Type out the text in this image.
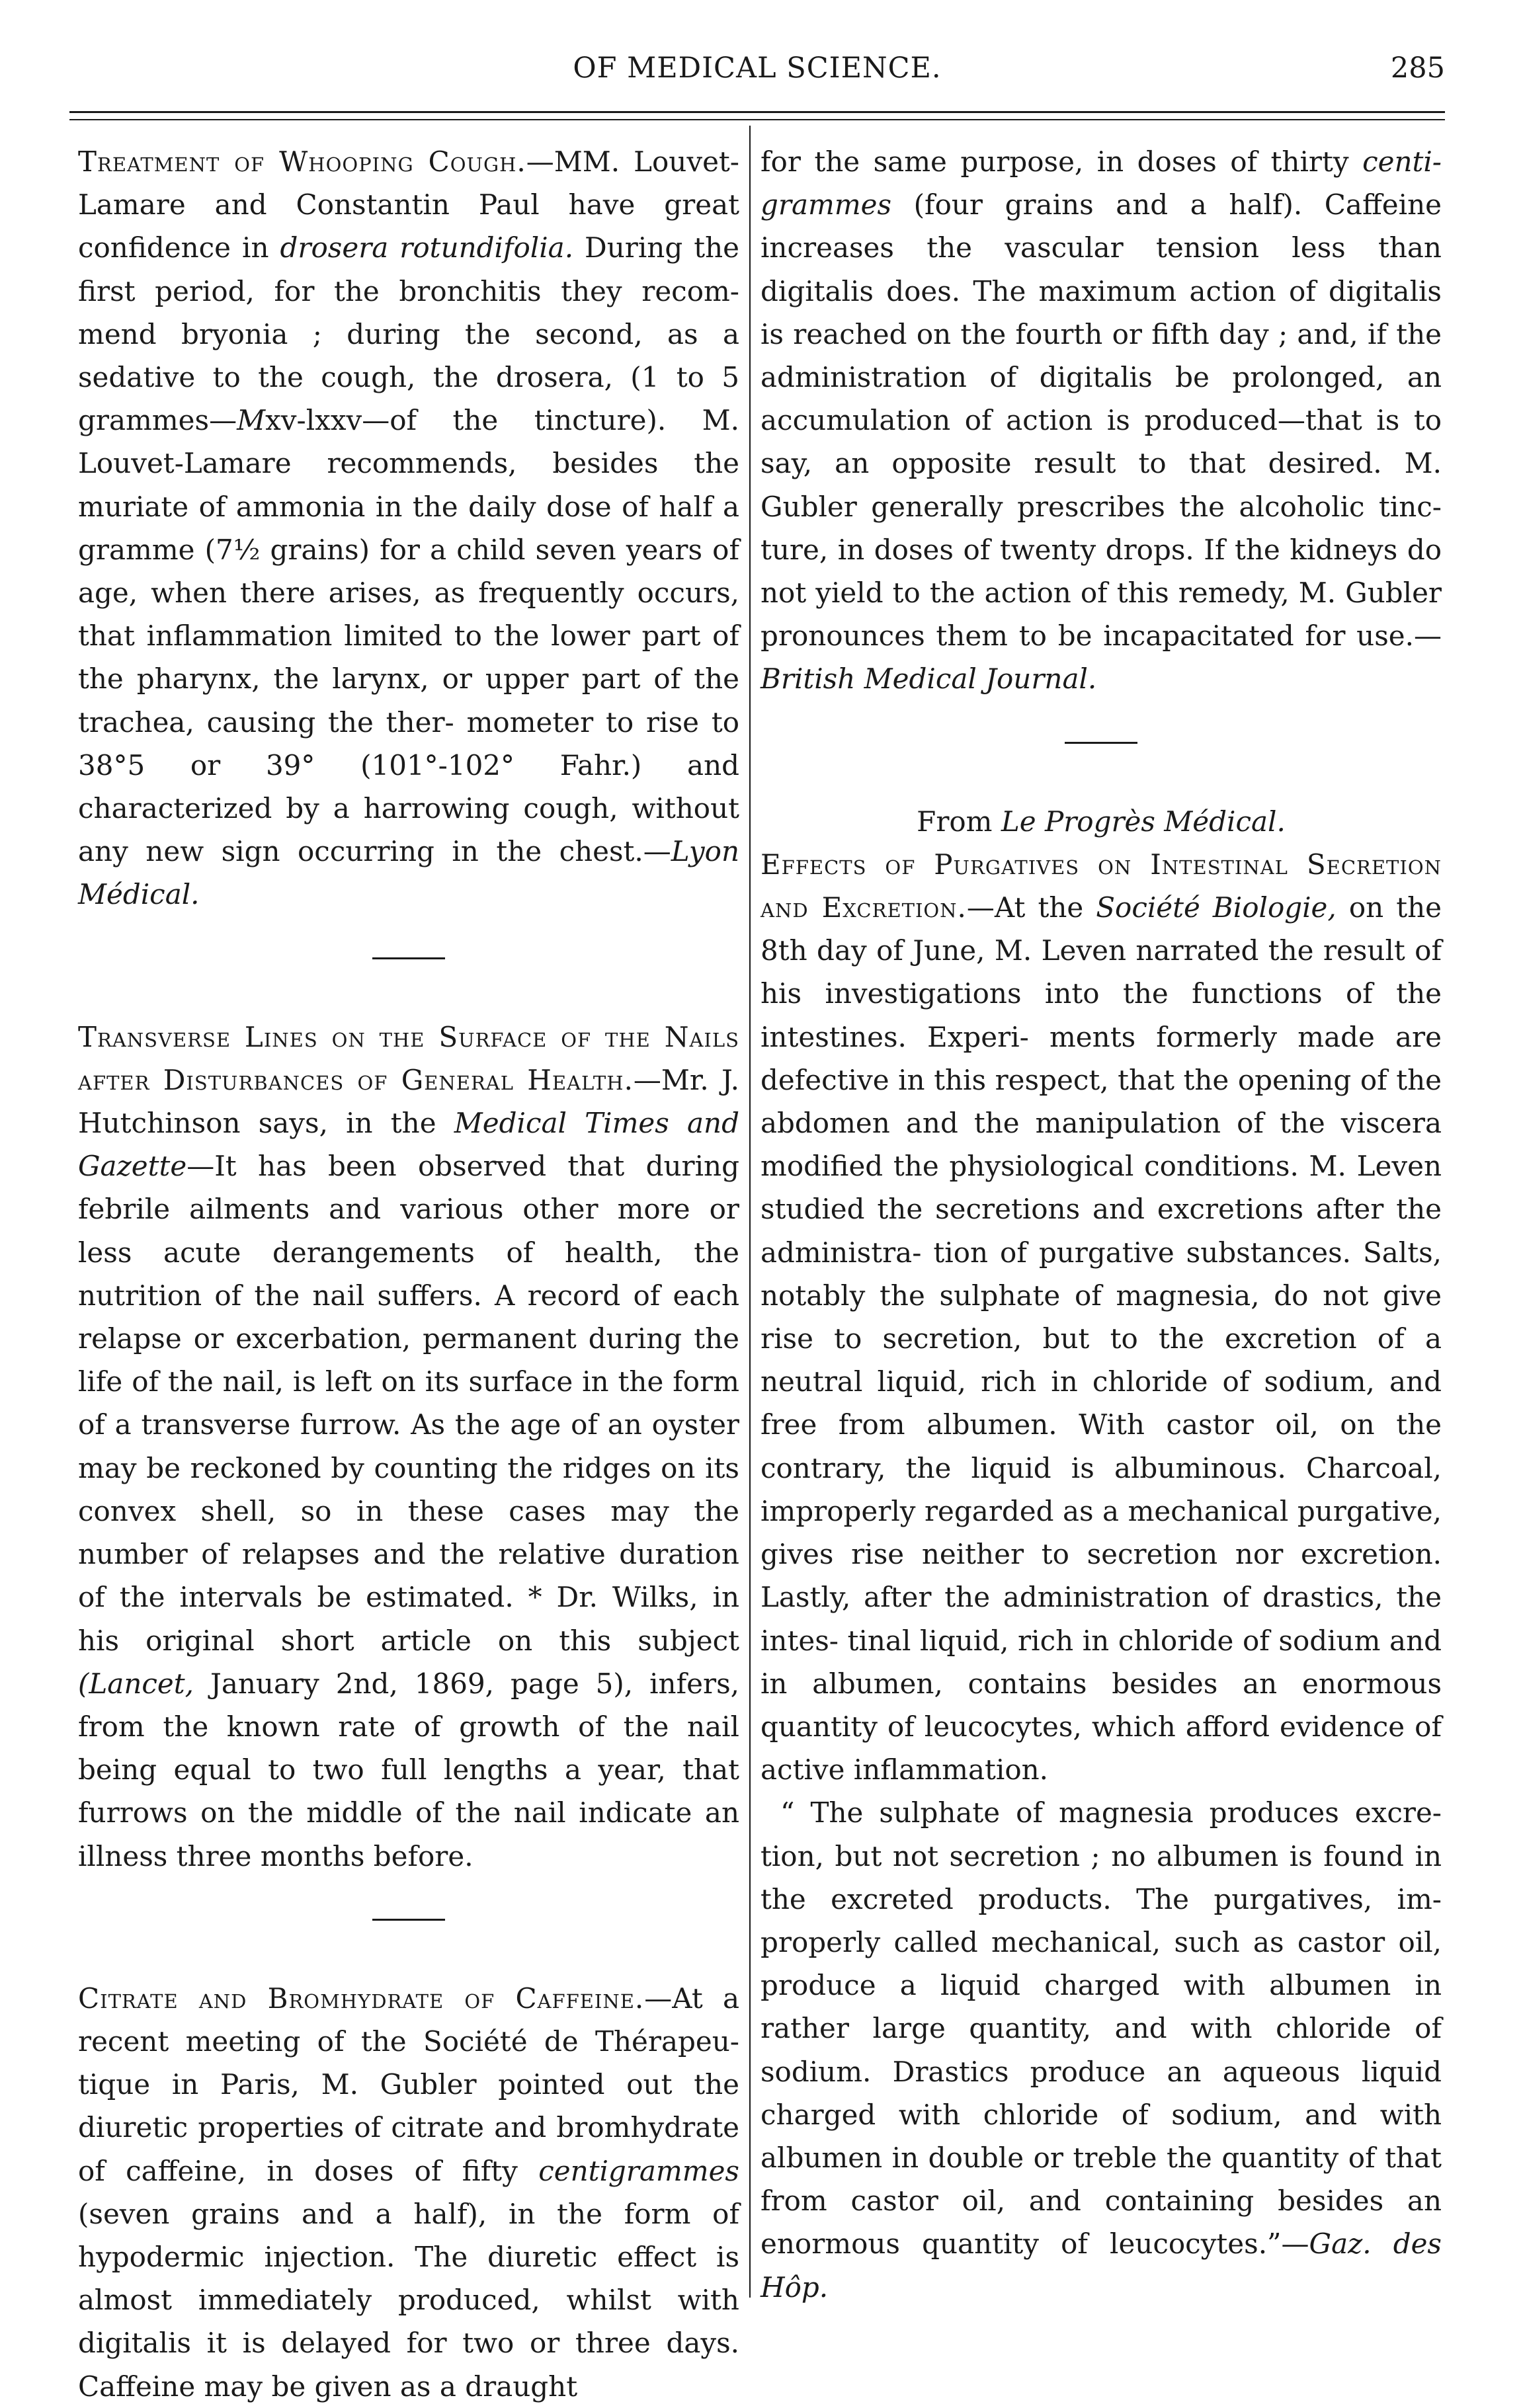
OF MEDICAL SCIENCE.	285

Treatment of Whooping Cough.—MM. Louvet-Lamare and Constantin Paul have great confidence in drosera rotundifolia. During the first period, for the bronchitis they recom- mend bryonia ; during the second, as a sedative to the cough, the drosera, (1 to 5 grammes—Mxv-lxxv—of the tincture). M. Louvet-Lamare recommends, besides the muriate of ammonia in the daily dose of half a gramme (7½ grains) for a child seven years of age, when there arises, as frequently occurs, that inflammation limited to the lower part of the pharynx, the larynx, or upper part of the trachea, causing the ther- mometer to rise to 38°5 or 39° (101°-102° Fahr.) and characterized by a harrowing cough, without any new sign occurring in the chest.—Lyon Médical.

Transverse Lines on the Surface of the Nails after Disturbances of General Health.—Mr. J. Hutchinson says, in the Medical Times and Gazette—It has been observed that during febrile ailments and various other more or less acute derangements of health, the nutrition of the nail suffers. A record of each relapse or excerbation, permanent during the life of the nail, is left on its surface in the form of a transverse furrow. As the age of an oyster may be reckoned by counting the ridges on its convex shell, so in these cases may the number of relapses and the relative duration of the intervals be estimated. * Dr. Wilks, in his original short article on this subject (Lancet, January 2nd, 1869, page 5), infers, from the known rate of growth of the nail being equal to two full lengths a year, that furrows on the middle of the nail indicate an illness three months before.

Citrate and Bromhydrate of Caffeine.—At a recent meeting of the Société de Thérapeu- tique in Paris, M. Gubler pointed out the diuretic properties of citrate and bromhydrate of caffeine, in doses of fifty centigrammes (seven grains and a half), in the form of hypodermic injection. The diuretic effect is almost immediately produced, whilst with digitalis it is delayed for two or three days. Caffeine may be given as a draught

for the same purpose, in doses of thirty centi- grammes (four grains and a half). Caffeine increases the vascular tension less than digitalis does. The maximum action of digitalis is reached on the fourth or fifth day ; and, if the administration of digitalis be prolonged, an accumulation of action is produced—that is to say, an opposite result to that desired. M. Gubler generally prescribes the alcoholic tinc- ture, in doses of twenty drops. If the kidneys do not yield to the action of this remedy, M. Gubler pronounces them to be incapacitated for use.—British Medical Journal.

From Le Progrès Médical.

Effects of Purgatives on Intestinal Secretion and Excretion.—At the Société Biologie, on the 8th day of June, M. Leven narrated the result of his investigations into the functions of the intestines. Experi- ments formerly made are defective in this respect, that the opening of the abdomen and the manipulation of the viscera modified the physiological conditions. M. Leven studied the secretions and excretions after the administra- tion of purgative substances. Salts, notably the sulphate of magnesia, do not give rise to secretion, but to the excretion of a neutral liquid, rich in chloride of sodium, and free from albumen. With castor oil, on the contrary, the liquid is albuminous. Charcoal, improperly regarded as a mechanical purgative, gives rise neither to secretion nor excretion. Lastly, after the administration of drastics, the intes- tinal liquid, rich in chloride of sodium and in albumen, contains besides an enormous quantity of leucocytes, which afford evidence of active inflammation.

“ The sulphate of magnesia produces excre- tion, but not secretion ; no albumen is found in the excreted products. The purgatives, im- properly called mechanical, such as castor oil, produce a liquid charged with albumen in rather large quantity, and with chloride of sodium. Drastics produce an aqueous liquid charged with chloride of sodium, and with albumen in double or treble the quantity of that from castor oil, and containing besides an enormous quantity of leucocytes.”—Gaz. des Hôp.
